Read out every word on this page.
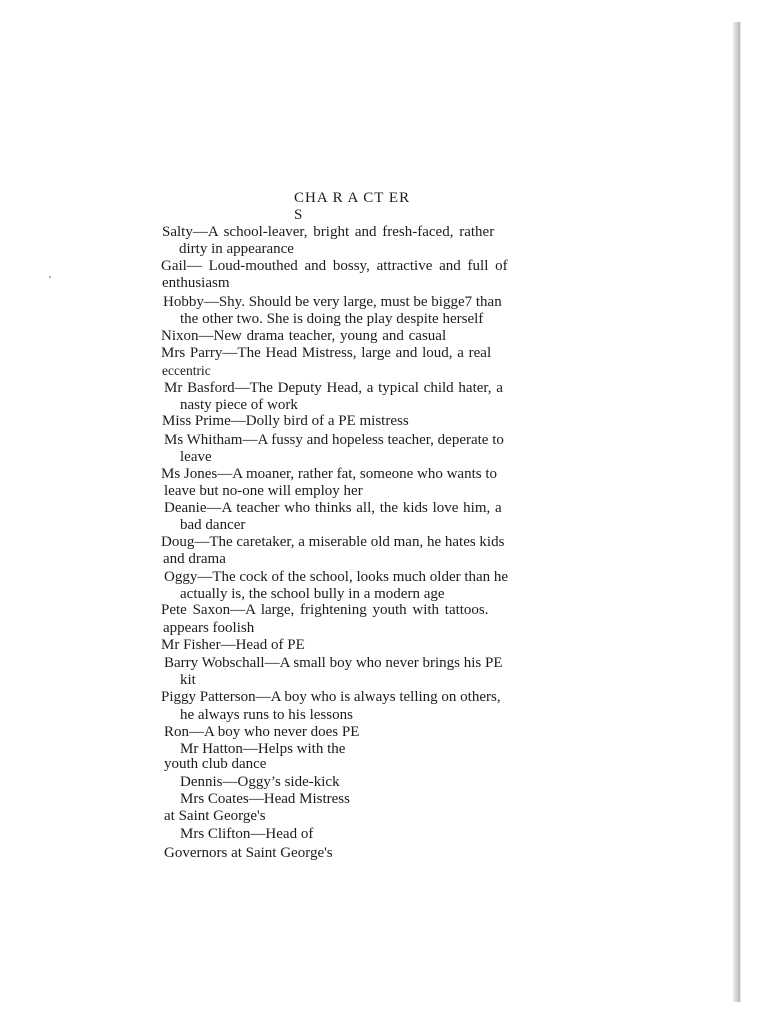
'
CHA R A CT ER
S
Salty—A school-leaver, bright and fresh-faced, rather
dirty in appearance
Gail— Loud-mouthed and bossy, attractive and full of
enthusiasm
Hobby—Shy. Should be very large, must be bigge7 than
the other two. She is doing the play despite herself
Nixon—New drama teacher, young and casual
Mrs Parry—The Head Mistress, large and loud, a real
eccentric
Mr Basford—The Deputy Head, a typical child hater, a
nasty piece of work
Miss Prime—Dolly bird of a PE mistress
Ms Whitham—A fussy and hopeless teacher, deperate to
leave
Ms Jones—A moaner, rather fat, someone who wants to
leave but no-one will employ her
Deanie—A teacher who thinks all, the kids love him, a
bad dancer
Doug—The caretaker, a miserable old man, he hates kids
and drama
Oggy—The cock of the school, looks much older than he
actually is, the school bully in a modern age
Pete Saxon—A large, frightening youth with tattoos.
appears foolish
Mr Fisher—Head of PE
Barry Wobschall—A small boy who never brings his PE
kit
Piggy Patterson—A boy who is always telling on others,
he always runs to his lessons
Ron—A boy who never does PE
Mr Hatton—Helps with the
youth club dance
Dennis—Oggy’s side-kick
Mrs Coates—Head Mistress
at Saint George's
Mrs Clifton—Head of
Governors at Saint George's
